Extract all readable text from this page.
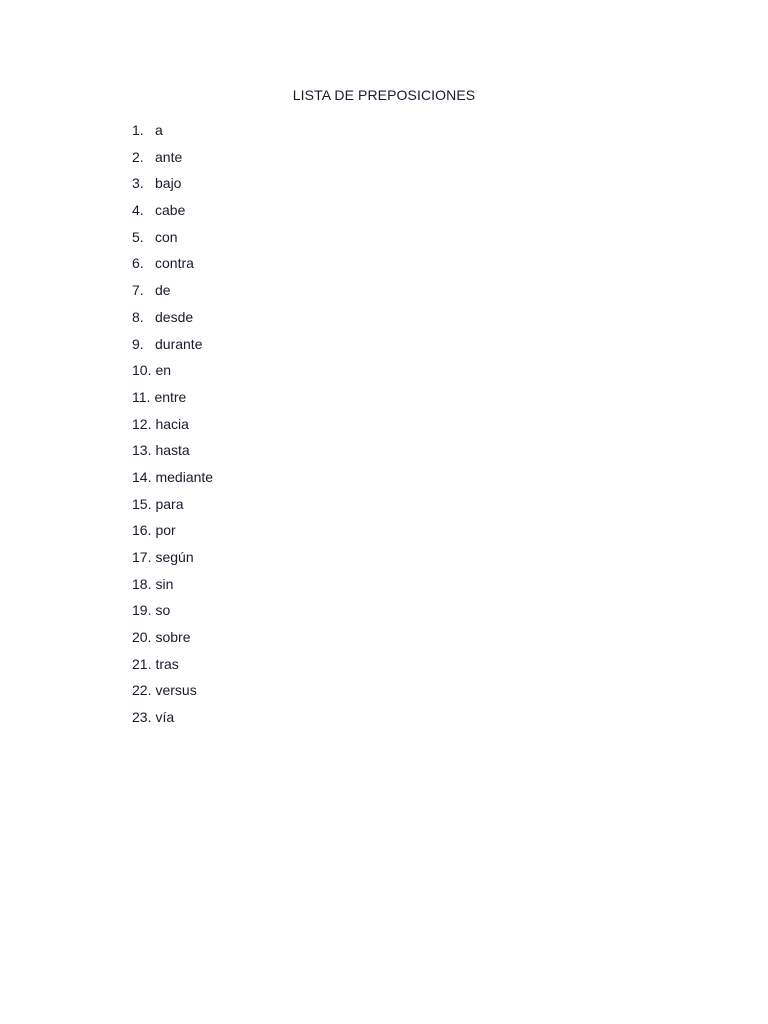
LISTA DE PREPOSICIONES
1. a
2. ante
3. bajo
4. cabe
5. con
6. contra
7. de
8. desde
9. durante
10. en
11. entre
12. hacia
13. hasta
14. mediante
15. para
16. por
17. según
18. sin
19. so
20. sobre
21. tras
22. versus
23. vía
